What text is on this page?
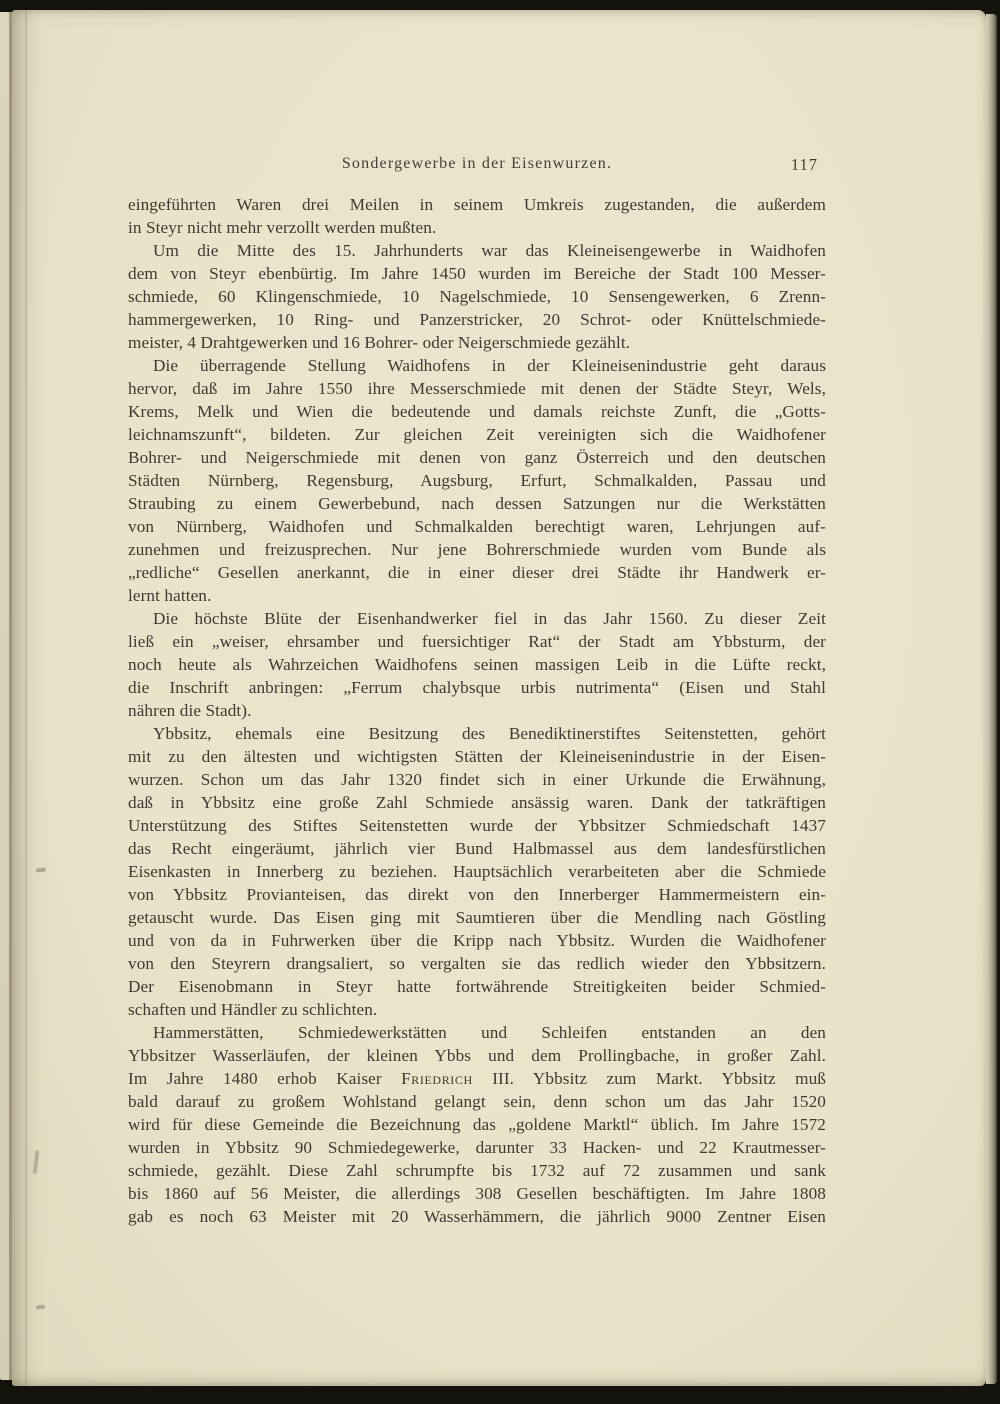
Sondergewerbe in der Eisenwurzen.	117
eingeführten Waren drei Meilen in seinem Umkreis zugestanden, die außerdem
in Steyr nicht mehr verzollt werden mußten.
Um die Mitte des 15. Jahrhunderts war das Kleineisengewerbe in Waidhofen
dem von Steyr ebenbürtig. Im Jahre 1450 wurden im Bereiche der Stadt 100 Messer-
schmiede, 60 Klingenschmiede, 10 Nagelschmiede, 10 Sensengewerken, 6 Zrenn-
hammergewerken, 10 Ring- und Panzerstricker, 20 Schrot- oder Knüttelschmiede-
meister, 4 Drahtgewerken und 16 Bohrer- oder Neigerschmiede gezählt.
Die überragende Stellung Waidhofens in der Kleineisenindustrie geht daraus
hervor, daß im Jahre 1550 ihre Messerschmiede mit denen der Städte Steyr, Wels,
Krems, Melk und Wien die bedeutende und damals reichste Zunft, die „Gotts-
leichnamszunft“, bildeten. Zur gleichen Zeit vereinigten sich die Waidhofener
Bohrer- und Neigerschmiede mit denen von ganz Österreich und den deutschen
Städten Nürnberg, Regensburg, Augsburg, Erfurt, Schmalkalden, Passau und
Straubing zu einem Gewerbebund, nach dessen Satzungen nur die Werkstätten
von Nürnberg, Waidhofen und Schmalkalden berechtigt waren, Lehrjungen auf-
zunehmen und freizusprechen. Nur jene Bohrerschmiede wurden vom Bunde als
„redliche“ Gesellen anerkannt, die in einer dieser drei Städte ihr Handwerk er-
lernt hatten.
Die höchste Blüte der Eisenhandwerker fiel in das Jahr 1560. Zu dieser Zeit
ließ ein „weiser, ehrsamber und fuersichtiger Rat“ der Stadt am Ybbsturm, der
noch heute als Wahrzeichen Waidhofens seinen massigen Leib in die Lüfte reckt,
die Inschrift anbringen: „Ferrum chalybsque urbis nutrimenta“ (Eisen und Stahl
nähren die Stadt).
Ybbsitz, ehemals eine Besitzung des Benediktinerstiftes Seitenstetten, gehört
mit zu den ältesten und wichtigsten Stätten der Kleineisenindustrie in der Eisen-
wurzen. Schon um das Jahr 1320 findet sich in einer Urkunde die Erwähnung,
daß in Ybbsitz eine große Zahl Schmiede ansässig waren. Dank der tatkräftigen
Unterstützung des Stiftes Seitenstetten wurde der Ybbsitzer Schmiedschaft 1437
das Recht eingeräumt, jährlich vier Bund Halbmassel aus dem landesfürstlichen
Eisenkasten in Innerberg zu beziehen. Hauptsächlich verarbeiteten aber die Schmiede
von Ybbsitz Provianteisen, das direkt von den Innerberger Hammermeistern ein-
getauscht wurde. Das Eisen ging mit Saumtieren über die Mendling nach Göstling
und von da in Fuhrwerken über die Kripp nach Ybbsitz. Wurden die Waidhofener
von den Steyrern drangsaliert, so vergalten sie das redlich wieder den Ybbsitzern.
Der Eisenobmann in Steyr hatte fortwährende Streitigkeiten beider Schmied-
schaften und Händler zu schlichten.
Hammerstätten, Schmiedewerkstätten und Schleifen entstanden an den
Ybbsitzer Wasserläufen, der kleinen Ybbs und dem Prollingbache, in großer Zahl.
Im Jahre 1480 erhob Kaiser Friedrich III. Ybbsitz zum Markt. Ybbsitz muß
bald darauf zu großem Wohlstand gelangt sein, denn schon um das Jahr 1520
wird für diese Gemeinde die Bezeichnung das „goldene Marktl“ üblich. Im Jahre 1572
wurden in Ybbsitz 90 Schmiedegewerke, darunter 33 Hacken- und 22 Krautmesser-
schmiede, gezählt. Diese Zahl schrumpfte bis 1732 auf 72 zusammen und sank
bis 1860 auf 56 Meister, die allerdings 308 Gesellen beschäftigten. Im Jahre 1808
gab es noch 63 Meister mit 20 Wasserhämmern, die jährlich 9000 Zentner Eisen
